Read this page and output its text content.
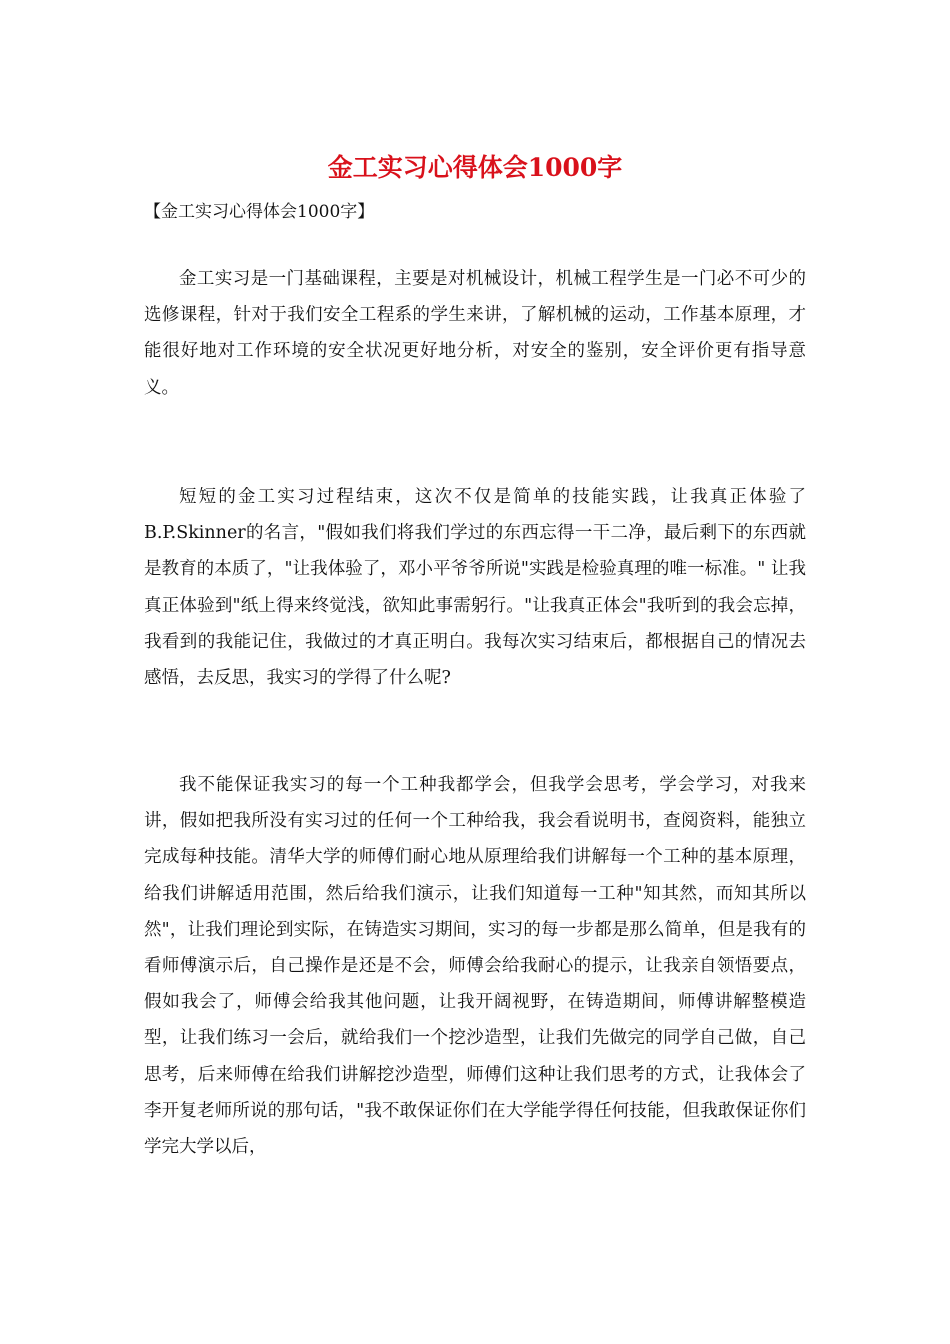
金工实习心得体会1000字

【金工实习心得体会1000字】

金工实习是一门基础课程，主要是对机械设计，机械工程学生是一门必不可少的选修课程，针对于我们安全工程系的学生来讲，了解机械的运动，工作基本原理，才能很好地对工作环境的安全状况更好地分析，对安全的鉴别，安全评价更有指导意义。

短短的金工实习过程结束，这次不仅是简单的技能实践，让我真正体验了B.P.Skinner的名言，"假如我们将我们学过的东西忘得一干二净，最后剩下的东西就是教育的本质了，"让我体验了，邓小平爷爷所说"实践是检验真理的唯一标准。" 让我真正体验到"纸上得来终觉浅，欲知此事需躬行。"让我真正体会"我听到的我会忘掉，我看到的我能记住，我做过的才真正明白。我每次实习结束后，都根据自己的情况去感悟，去反思，我实习的学得了什么呢?

我不能保证我实习的每一个工种我都学会，但我学会思考，学会学习，对我来讲，假如把我所没有实习过的任何一个工种给我，我会看说明书，查阅资料，能独立完成每种技能。清华大学的师傅们耐心地从原理给我们讲解每一个工种的基本原理，给我们讲解适用范围，然后给我们演示，让我们知道每一工种"知其然，而知其所以然"，让我们理论到实际，在铸造实习期间，实习的每一步都是那么简单，但是我有的看师傅演示后，自己操作是还是不会，师傅会给我耐心的提示，让我亲自领悟要点，假如我会了，师傅会给我其他问题，让我开阔视野，在铸造期间，师傅讲解整模造型，让我们练习一会后，就给我们一个挖沙造型，让我们先做完的同学自己做，自己思考，后来师傅在给我们讲解挖沙造型，师傅们这种让我们思考的方式，让我体会了李开复老师所说的那句话，"我不敢保证你们在大学能学得任何技能，但我敢保证你们学完大学以后，
